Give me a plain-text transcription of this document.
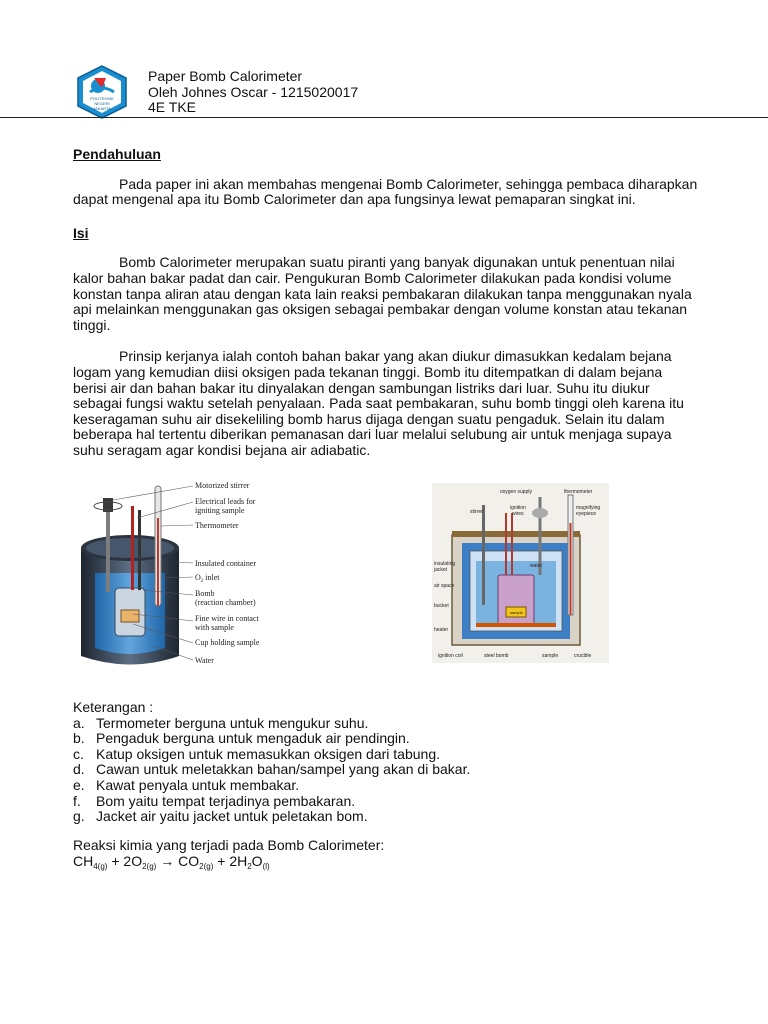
POLITEKNIK
NEGERI
JAKARTA
Paper Bomb Calorimeter
Oleh Johnes Oscar - 1215020017
4E TKE
Pendahuluan

Pada paper ini akan membahas mengenai Bomb Calorimeter, sehingga pembaca diharapkan dapat mengenal apa itu Bomb Calorimeter dan apa fungsinya lewat pemaparan singkat ini.

Isi

Bomb Calorimeter merupakan suatu piranti yang banyak digunakan untuk penentuan nilai kalor bahan bakar padat dan cair. Pengukuran Bomb Calorimeter dilakukan pada kondisi volume konstan tanpa aliran atau dengan kata lain reaksi pembakaran dilakukan tanpa menggunakan nyala api melainkan menggunakan gas oksigen sebagai pembakar dengan volume konstan atau tekanan tinggi.

Prinsip kerjanya ialah contoh bahan bakar yang akan diukur dimasukkan kedalam bejana logam yang kemudian diisi oksigen pada tekanan tinggi. Bomb itu ditempatkan di dalam bejana berisi air dan bahan bakar itu dinyalakan dengan sambungan listriks dari luar. Suhu itu diukur sebagai fungsi waktu setelah penyalaan. Pada saat pembakaran, suhu bomb tinggi oleh karena itu keseragaman suhu air disekeliling bomb harus dijaga dengan suatu pengaduk. Selain itu dalam beberapa hal tertentu diberikan pemanasan dari luar melalui selubung air untuk menjaga supaya suhu seragam agar kondisi bejana air adiabatic.

Motorized stirrer
Electrical leads for
igniting sample
Thermometer
Insulated container
$O_2$ inlet
Bomb
(reaction chamber)
Fine wire in contact
with sample
Cup holding sample
Water
oxygen supply	thermometer
stirrer
ignition
wires
magnifying
eyepiece
insulating
jacket
water
air space
bucket
heater
sample
ignition coil	steel bomb	sample	crucible
Keterangan :
a. Termometer berguna untuk mengukur suhu.
b. Pengaduk berguna untuk mengaduk air pendingin.
c. Katup oksigen untuk memasukkan oksigen dari tabung.
d. Cawan untuk meletakkan bahan/sampel yang akan di bakar.
e. Kawat penyala untuk membakar.
f.	Bom yaitu tempat terjadinya pembakaran.
g. Jacket air yaitu jacket untuk peletakan bom.
Reaksi kimia yang terjadi pada Bomb Calorimeter:
$CH_{4(g)} + 2O_{2(g)} \to CO_{2(g)} + 2H_2O_{(l)}$
